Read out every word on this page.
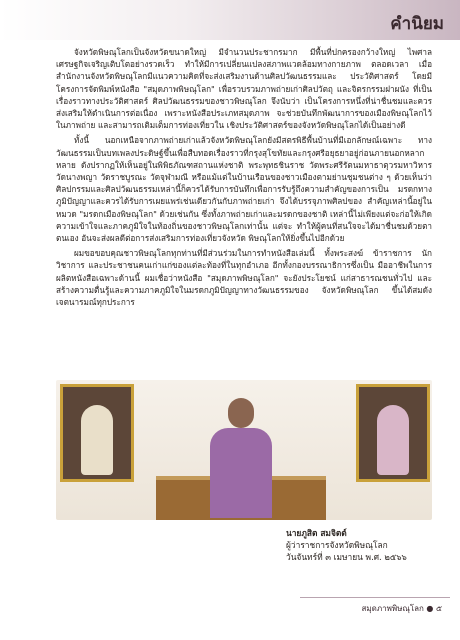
คำนิยม

จังหวัดพิษณุโลกเป็นจังหวัดขนาดใหญ่ มีจำนวนประชากรมาก มีพื้นที่ปกครองกว้างใหญ่ ไพศาล เศรษฐกิจเจริญเติบโตอย่างรวดเร็ว ทำให้มีการเปลี่ยนแปลงสภาพแวดล้อมทางกายภาพ ตลอดเวลา เมื่อสำนักงานจังหวัดพิษณุโลกมีแนวความคิดที่จะส่งเสริมงานด้านศิลปวัฒนธรรมและ ประวัติศาสตร์ โดยมีโครงการจัดพิมพ์หนังสือ "สมุดภาพพิษณุโลก" เพื่อรวบรวมภาพถ่ายเก่าศิลปวัตถุ และจิตรกรรมฝาผนัง ที่เป็นเรื่องราวทางประวัติศาสตร์ ศิลปวัฒนธรรมของชาวพิษณุโลก จึงนับว่า เป็นโครงการหนึ่งที่น่าชื่นชมและควรส่งเสริมให้ดำเนินการต่อเนื่อง เพราะหนังสือประเภทสมุดภาพ จะช่วยบันทึกพัฒนาการของเมืองพิษณุโลกไว้ในภาพถ่าย และสามารถเติมเต็มการท่องเที่ยวใน เชิงประวัติศาสตร์ของจังหวัดพิษณุโลกได้เป็นอย่างดี

ทั้งนี้ นอกเหนือจากภาพถ่ายเก่าแล้วจังหวัดพิษณุโลกยังมีสตรพิธีพื้นบ้านที่มีเอกลักษณ์เฉพาะ ทางวัฒนธรรมเป็นบทเพลงประดิษฐ์ขึ้นเพื่อสืบทอดเรื่องราวที่กรุงสุโขทัยและกรุงศรีอยุธยาอยู่ก่อนภายนอกหลากหลาย ดังปรากฏให้เห็นอยู่ในพิพิธภัณฑสถานแห่งชาติ พระพุทธชินราช วัดพระศรีรัตนมหาธาตุวรมหาวิหาร วัดนางพญา วัดราชบูรณะ วัดจุฬามณี หรือแม้แต่ในบ้านเรือนของชาวเมืองตามย่านชุมชนต่าง ๆ ด้วยเห็นว่าศิลปกรรมและศิลปวัฒนธรรมเหล่านี้ก็ควรได้รับการบันทึกเพื่อการรับรู้ถึงความสำคัญของการเป็น มรดกทางภูมิปัญญาและควรได้รับการเผยแพร่เช่นเดียวกันกับภาพถ่ายเก่า จึงได้บรรจุภาพศิลปของ สำคัญเหล่านี้อยู่ในหมวด "มรดกเมืองพิษณุโลก" ด้วยเช่นกัน ซึ่งทั้งภาพถ่ายเก่าและมรดกของชาติ เหล่านี้ไม่เพียงแต่จะก่อให้เกิดความเข้าใจและภาคภูมิใจในท้องถิ่นของชาวพิษณุโลกเท่านั้น แต่จะ ทำให้ผู้คนที่สนใจจะได้มาชื่นชมด้วยตาตนเอง อันจะส่งผลดีต่อการส่งเสริมการท่องเที่ยวจังหวัด พิษณุโลกให้ยิ่งขึ้นไปอีกด้วย

ผมขอขอบคุณชาวพิษณุโลกทุกท่านที่มีส่วนร่วมในการทำหนังสือเล่มนี้ ทั้งพระสงฆ์ ข้าราชการ นักวิชาการ และประชาชนคนเก่าแก่ของแต่ละท้องที่ในทุกอำเภอ อีกทั้งกองบรรณาธิการซึ่งเป็น มืออาชีพในการผลิตหนังสือเฉพาะด้านนี้ ผมเชื่อว่าหนังสือ "สมุดภาพพิษณุโลก" จะยังประโยชน์ แก่สาธารณชนทั่วไป และสร้างความตื่นรู้และความภาคภูมิใจในมรดกภูมิปัญญาทางวัฒนธรรมของ จังหวัดพิษณุโลก ขึ้นได้สมดังเจตนารมณ์ทุกประการ

นายภูสิต สมจิตต์
ผู้ว่าราชการจังหวัดพิษณุโลก
วันจันทร์ที่ ๓ เมษายน พ.ศ. ๒๕๖๖
สมุดภาพพิษณุโลก ● ๕
